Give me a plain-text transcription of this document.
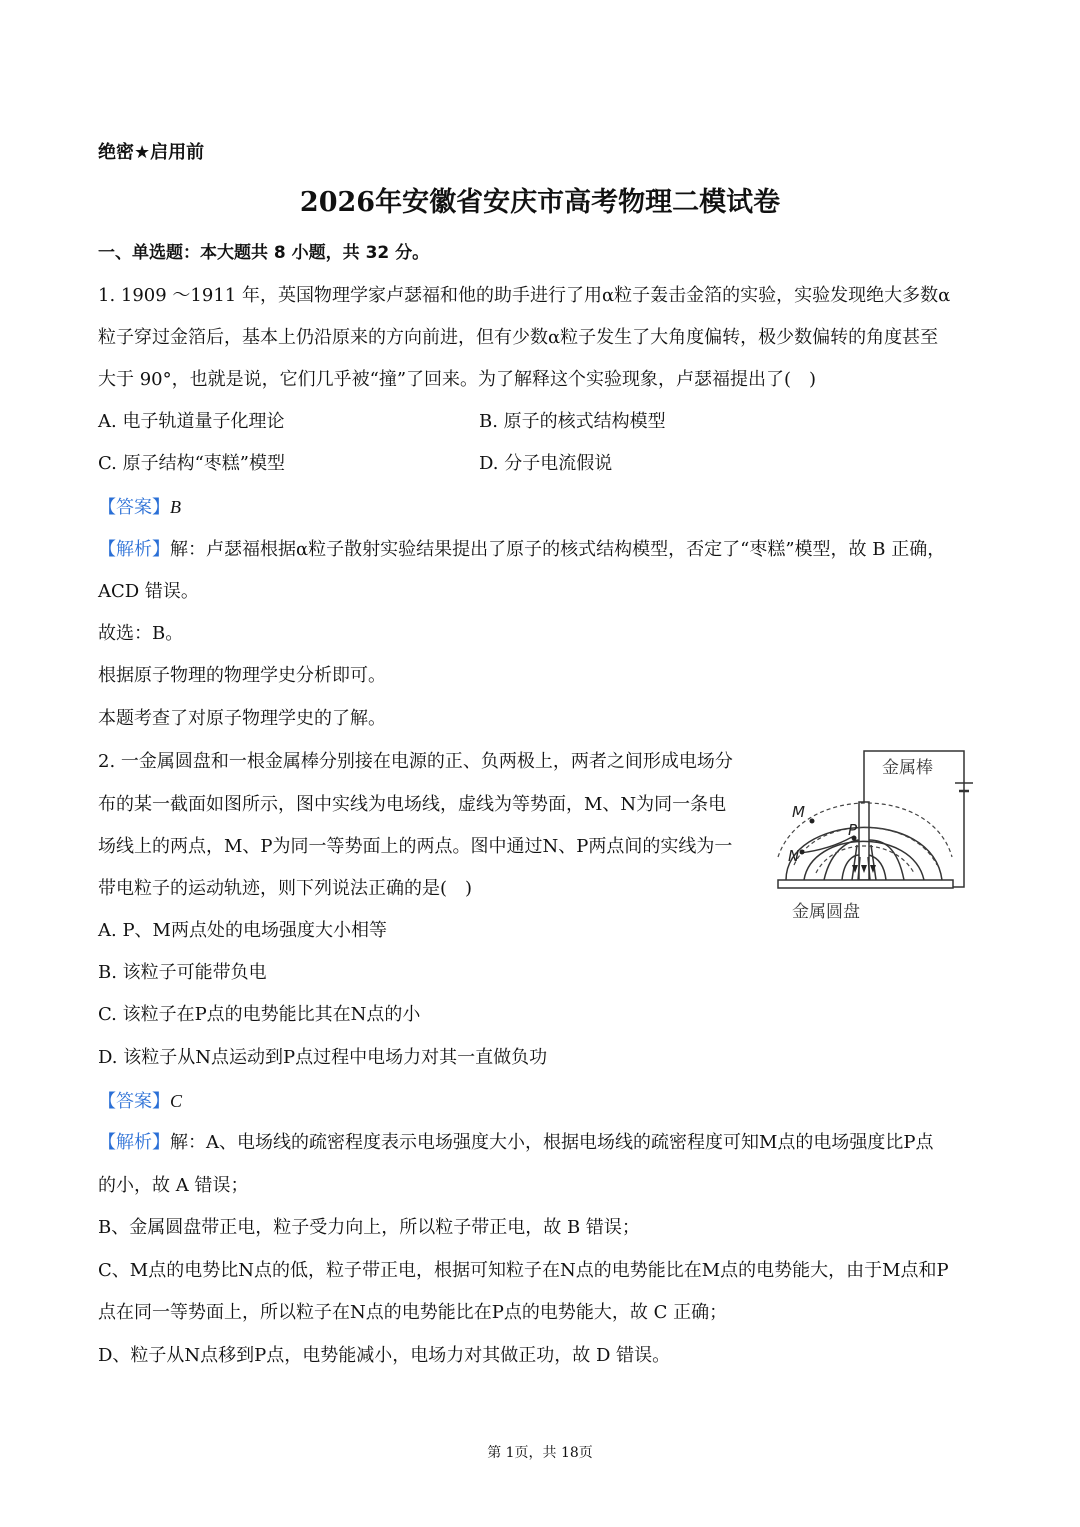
绝密★启用前
2026年安徽省安庆市高考物理二模试卷
一、单选题：本大题共 8 小题，共 32 分。
1. 1909 ～1911 年，英国物理学家卢瑟福和他的助手进行了用α粒子轰击金箔的实验，实验发现绝大多数α
粒子穿过金箔后，基本上仍沿原来的方向前进，但有少数α粒子发生了大角度偏转，极少数偏转的角度甚至
大于 90°，也就是说，它们几乎被“撞”了回来。为了解释这个实验现象，卢瑟福提出了(　)
A. 电子轨道量子化理论	B. 原子的核式结构模型
C. 原子结构“枣糕”模型	D. 分子电流假说
【答案】B
【解析】解：卢瑟福根据α粒子散射实验结果提出了原子的核式结构模型，否定了“枣糕”模型，故 B 正确，
ACD 错误。
故选：B。
根据原子物理的物理学史分析即可。
本题考查了对原子物理学史的了解。
2. 一金属圆盘和一根金属棒分别接在电源的正、负两极上，两者之间形成电场分
布的某一截面如图所示，图中实线为电场线，虚线为等势面，M、N为同一条电
场线上的两点，M、P为同一等势面上的两点。图中通过N、P两点间的实线为一
带电粒子的运动轨迹，则下列说法正确的是(　)
金属棒
金属圆盘
M
N
P
A. P、M两点处的电场强度大小相等
B. 该粒子可能带负电
C. 该粒子在P点的电势能比其在N点的小
D. 该粒子从N点运动到P点过程中电场力对其一直做负功
【答案】C
【解析】解：A、电场线的疏密程度表示电场强度大小，根据电场线的疏密程度可知M点的电场强度比P点
的小，故 A 错误；
B、金属圆盘带正电，粒子受力向上，所以粒子带正电，故 B 错误；
C、M点的电势比N点的低，粒子带正电，根据可知粒子在N点的电势能比在M点的电势能大，由于M点和P
点在同一等势面上，所以粒子在N点的电势能比在P点的电势能大，故 C 正确；
D、粒子从N点移到P点，电势能减小，电场力对其做正功，故 D 错误。
第 1页，共 18页
